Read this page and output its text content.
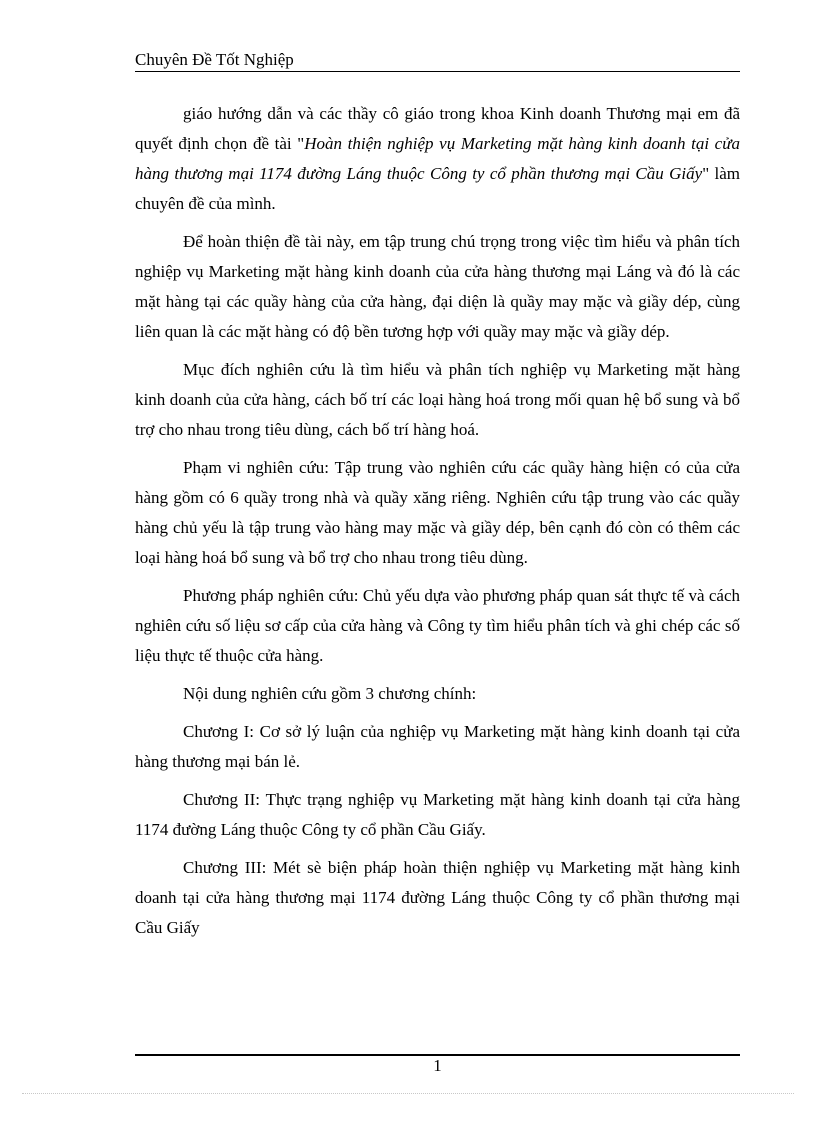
Chuyên Đề Tốt Nghiệp

giáo hướng dẫn và các thầy cô giáo trong khoa Kinh doanh Thương mại em đã quyết định chọn đề tài "Hoàn thiện nghiệp vụ Marketing mặt hàng kinh doanh tại cửa hàng thương mại 1174 đường Láng thuộc Công ty cổ phần thương mại Cầu Giấy" làm chuyên đề của mình.

Để hoàn thiện đề tài này, em tập trung chú trọng trong việc tìm hiểu và phân tích nghiệp vụ Marketing mặt hàng kinh doanh của cửa hàng thương mại Láng và đó là các mặt hàng tại các quầy hàng của cửa hàng, đại diện là quầy may mặc và giầy dép, cùng liên quan là các mặt hàng có độ bền tương hợp với quầy may mặc và giầy dép.

Mục đích nghiên cứu là tìm hiểu và phân tích nghiệp vụ Marketing mặt hàng kinh doanh của cửa hàng, cách bố trí các loại hàng hoá trong mối quan hệ bổ sung và bổ trợ cho nhau trong tiêu dùng, cách bố trí hàng hoá.

Phạm vi nghiên cứu: Tập trung vào nghiên cứu các quầy hàng hiện có của cửa hàng gồm có 6 quầy trong nhà và quầy xăng riêng. Nghiên cứu tập trung vào các quầy hàng chủ yếu là tập trung vào hàng may mặc và giầy dép, bên cạnh đó còn có thêm các loại hàng hoá bổ sung và bổ trợ cho nhau trong tiêu dùng.

Phương pháp nghiên cứu: Chủ yếu dựa vào phương pháp quan sát thực tế và cách nghiên cứu số liệu sơ cấp của cửa hàng và Công ty tìm hiểu phân tích và ghi chép các số liệu thực tế thuộc cửa hàng.

Nội dung nghiên cứu gồm 3 chương chính:

Chương I: Cơ sở lý luận của nghiệp vụ Marketing mặt hàng kinh doanh tại cửa hàng thương mại bán lẻ.

Chương II: Thực trạng nghiệp vụ Marketing mặt hàng kinh doanh tại cửa hàng 1174 đường Láng thuộc Công ty cổ phần Cầu Giấy.

Chương III: Mét sè biện pháp hoàn thiện nghiệp vụ Marketing mặt hàng kinh doanh tại cửa hàng thương mại 1174 đường Láng thuộc Công ty cổ phần thương mại Cầu Giấy

1
